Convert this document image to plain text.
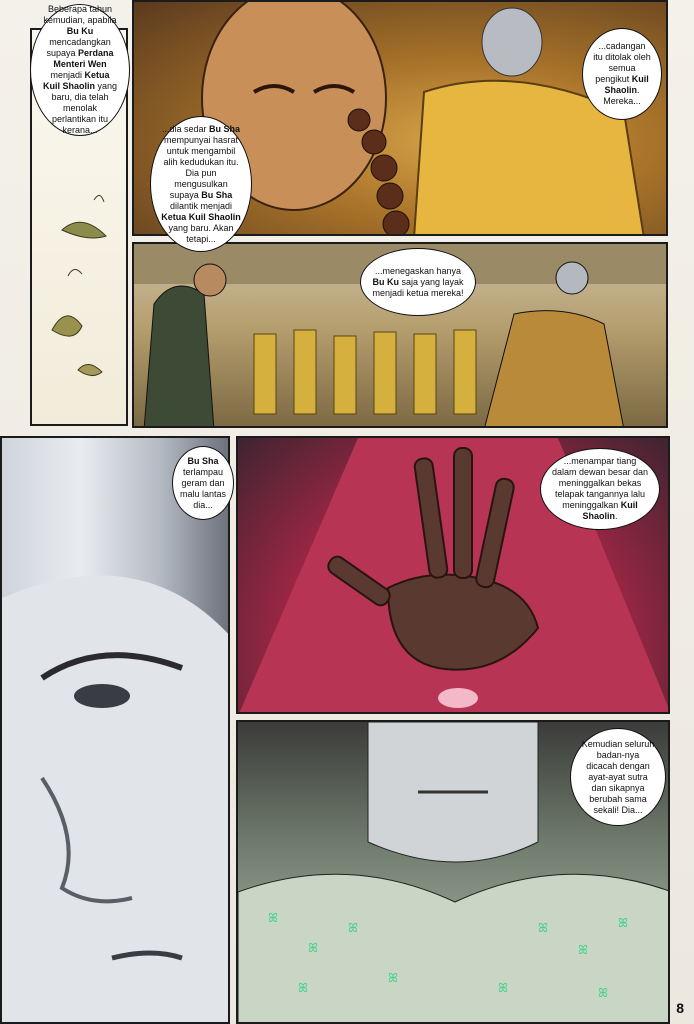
ꕤ
ꕤ
ꕤ	ꕤ
ꕤ
ꕤ
ꕤ
ꕤ
ꕤ	ꕤ
Beberapa tahun kemudian, apabila Bu Ku mencadangkan supaya Perdana Menteri Wen menjadi Ketua Kuil Shaolin yang baru, dia telah menolak perlantikan itu kerana...
...cadangan itu ditolak oleh semua pengikut Kuil Shaolin. Mereka...
...dia sedar Bu Sha mempunyai hasrat untuk mengambil alih kedudukan itu. Dia pun mengusulkan supaya Bu Sha dilantik menjadi Ketua Kuil Shaolin yang baru. Akan tetapi...
...menegaskan hanya Bu Ku saja yang layak menjadi ketua mereka!
Bu Sha terlampau geram dan malu lantas dia...
...menampar tiang dalam dewan besar dan meninggalkan bekas telapak tangannya lalu meninggalkan Kuil Shaolin.
Kemudian seluruh badan-nya dicacah dengan ayat-ayat sutra dan sikapnya berubah sama sekali! Dia...
8
